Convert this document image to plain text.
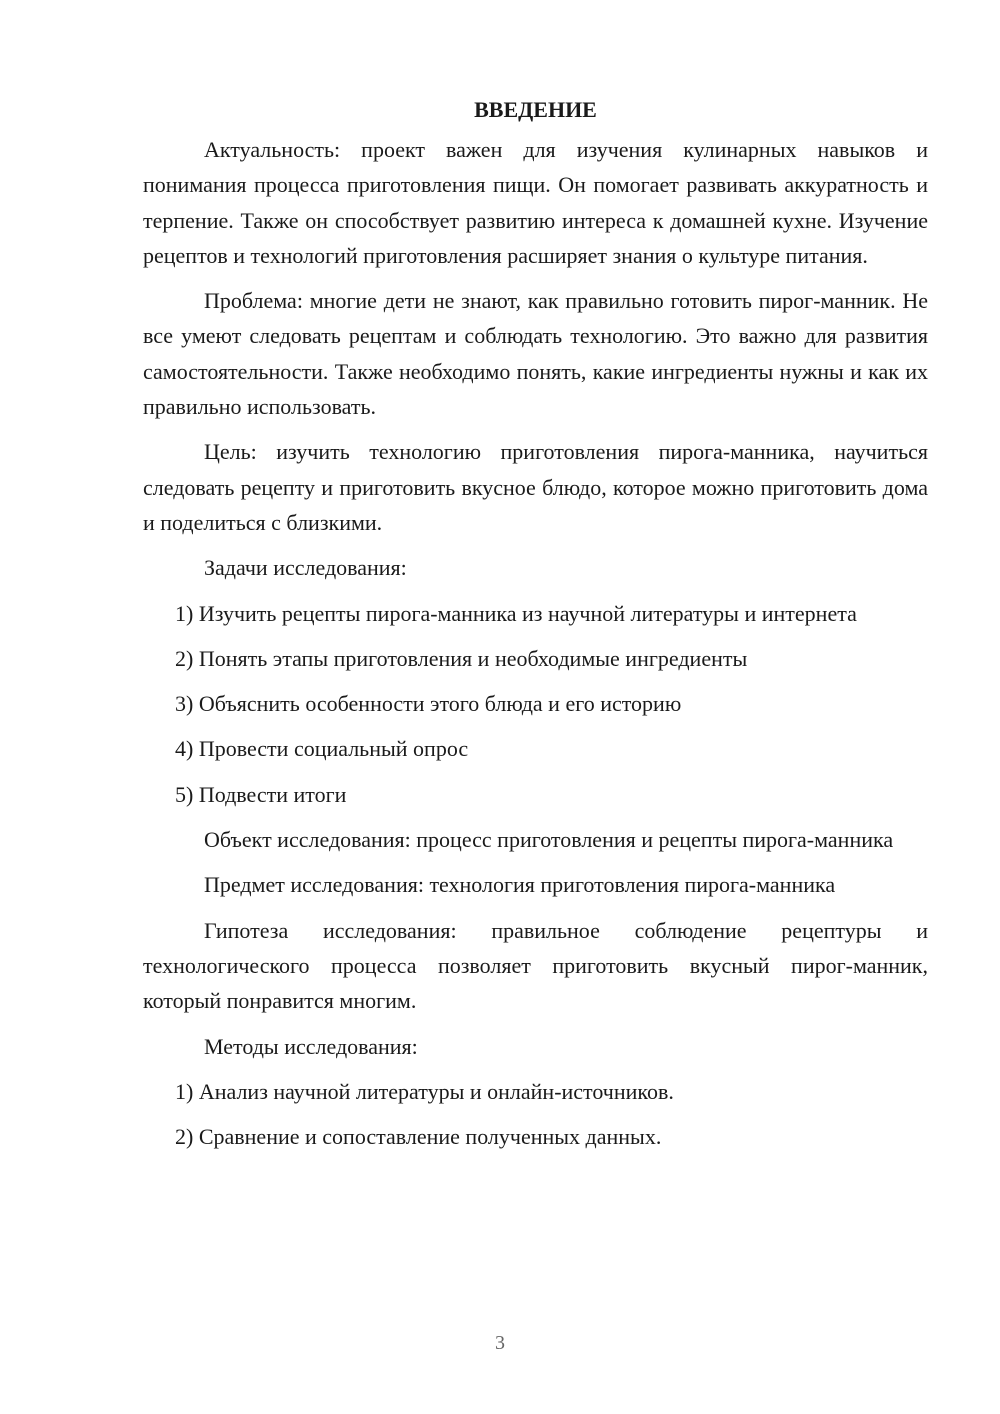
ВВЕДЕНИЕ

Актуальность: проект важен для изучения кулинарных навыков и понимания процесса приготовления пищи. Он помогает развивать аккуратность и терпение. Также он способствует развитию интереса к домашней кухне. Изучение рецептов и технологий приготовления расширяет знания о культуре питания.

Проблема: многие дети не знают, как правильно готовить пирог-манник. Не все умеют следовать рецептам и соблюдать технологию. Это важно для развития самостоятельности. Также необходимо понять, какие ингредиенты нужны и как их правильно использовать.

Цель: изучить технологию приготовления пирога-манника, научиться следовать рецепту и приготовить вкусное блюдо, которое можно приготовить дома и поделиться с близкими.

Задачи исследования:

1) Изучить рецепты пирога-манника из научной литературы и интернета

2) Понять этапы приготовления и необходимые ингредиенты

3) Объяснить особенности этого блюда и его историю

4) Провести социальный опрос

5) Подвести итоги

Объект исследования: процесс приготовления и рецепты пирога-манника

Предмет исследования: технология приготовления пирога-манника

Гипотеза исследования: правильное соблюдение рецептуры и технологического процесса позволяет приготовить вкусный пирог-манник, который понравится многим.

Методы исследования:

1) Анализ научной литературы и онлайн-источников.

2) Сравнение и сопоставление полученных данных.

3
